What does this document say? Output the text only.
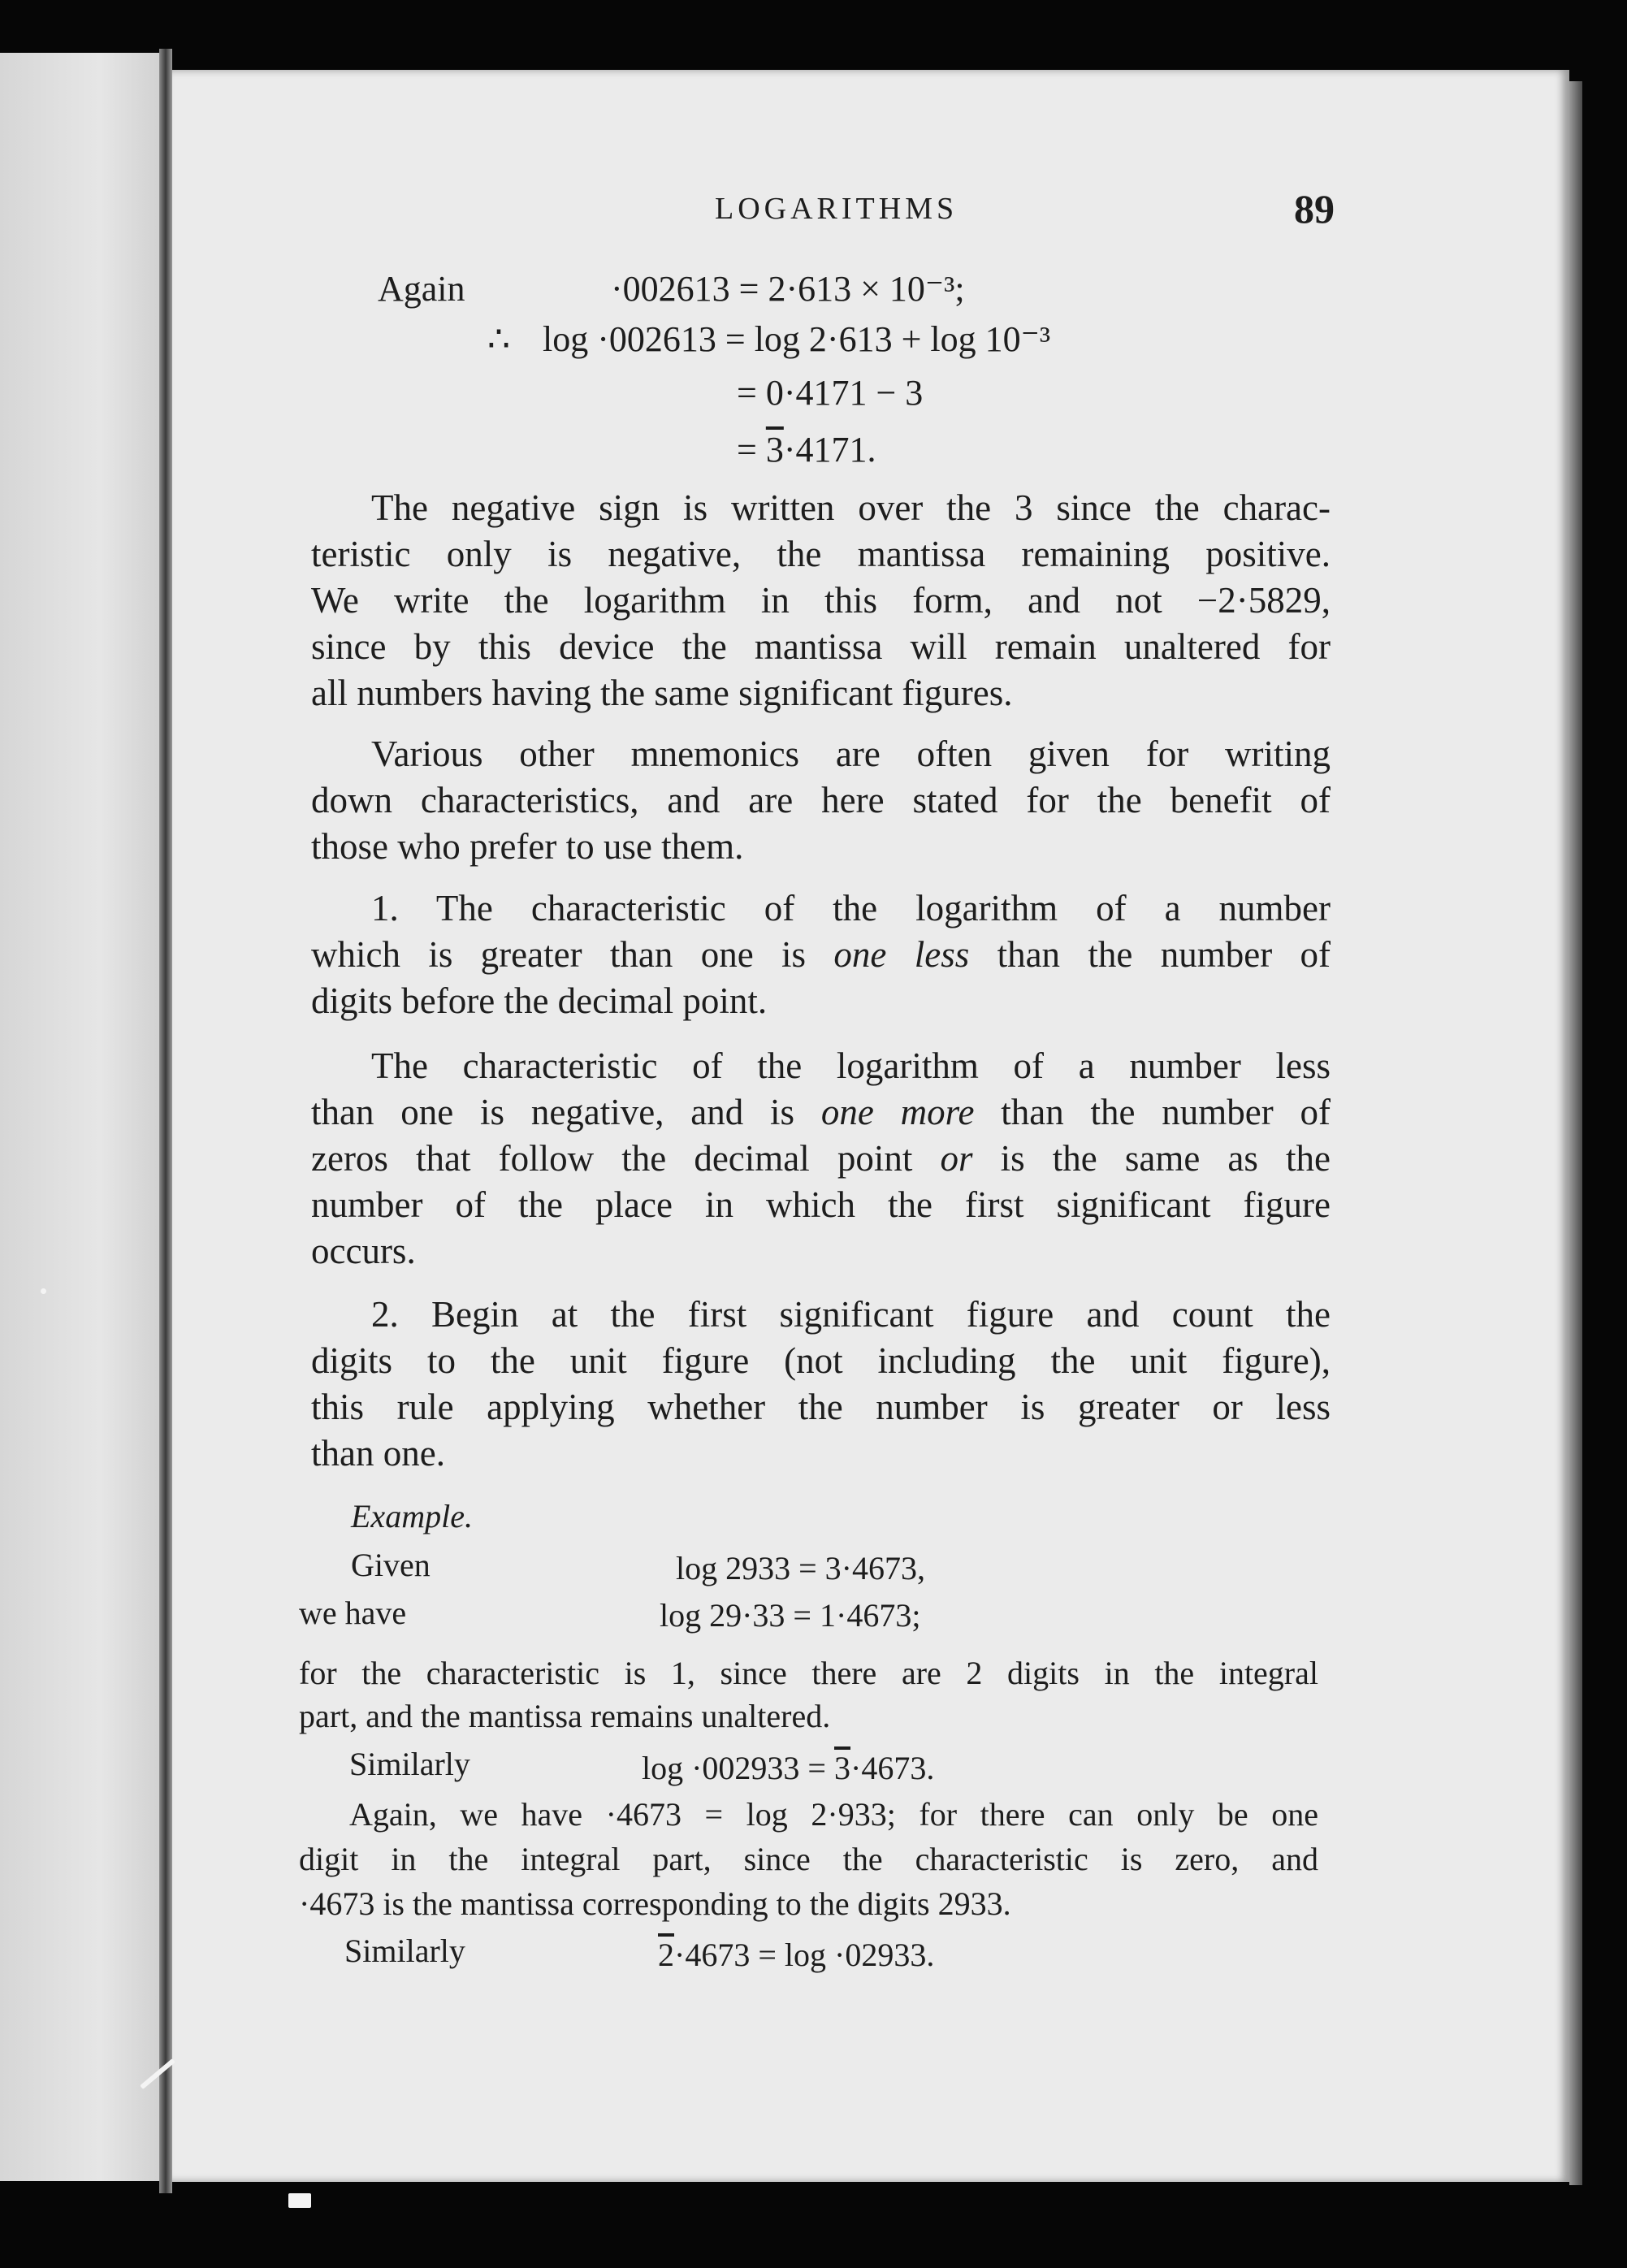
LOGARITHMS	89
Again	·002613 = 2·613 × 10⁻³;
∴ log ·002613 = log 2·613 + log 10⁻³
= 0·4171 − 3
= 3·4171.
The negative sign is written over the 3 since the charac-
teristic only is negative, the mantissa remaining positive.
We write the logarithm in this form, and not −2·5829,
since by this device the mantissa will remain unaltered for
all numbers having the same significant figures.
Various other mnemonics are often given for writing
down characteristics, and are here stated for the benefit of
those who prefer to use them.
1. The characteristic of the logarithm of a number
which is greater than one is one less than the number of
digits before the decimal point.
The characteristic of the logarithm of a number less
than one is negative, and is one more than the number of
zeros that follow the decimal point or is the same as the
number of the place in which the first significant figure
occurs.
2. Begin at the first significant figure and count the
digits to the unit figure (not including the unit figure),
this rule applying whether the number is greater or less
than one.
Example.
Given	log 2933 = 3·4673,
we have	log 29·33 = 1·4673;
for the characteristic is 1, since there are 2 digits in the integral
part, and the mantissa remains unaltered.
Similarly	log ·002933 = 3·4673.
Again, we have ·4673 = log 2·933; for there can only be one
digit in the integral part, since the characteristic is zero, and
·4673 is the mantissa corresponding to the digits 2933.
Similarly	2·4673 = log ·02933.
